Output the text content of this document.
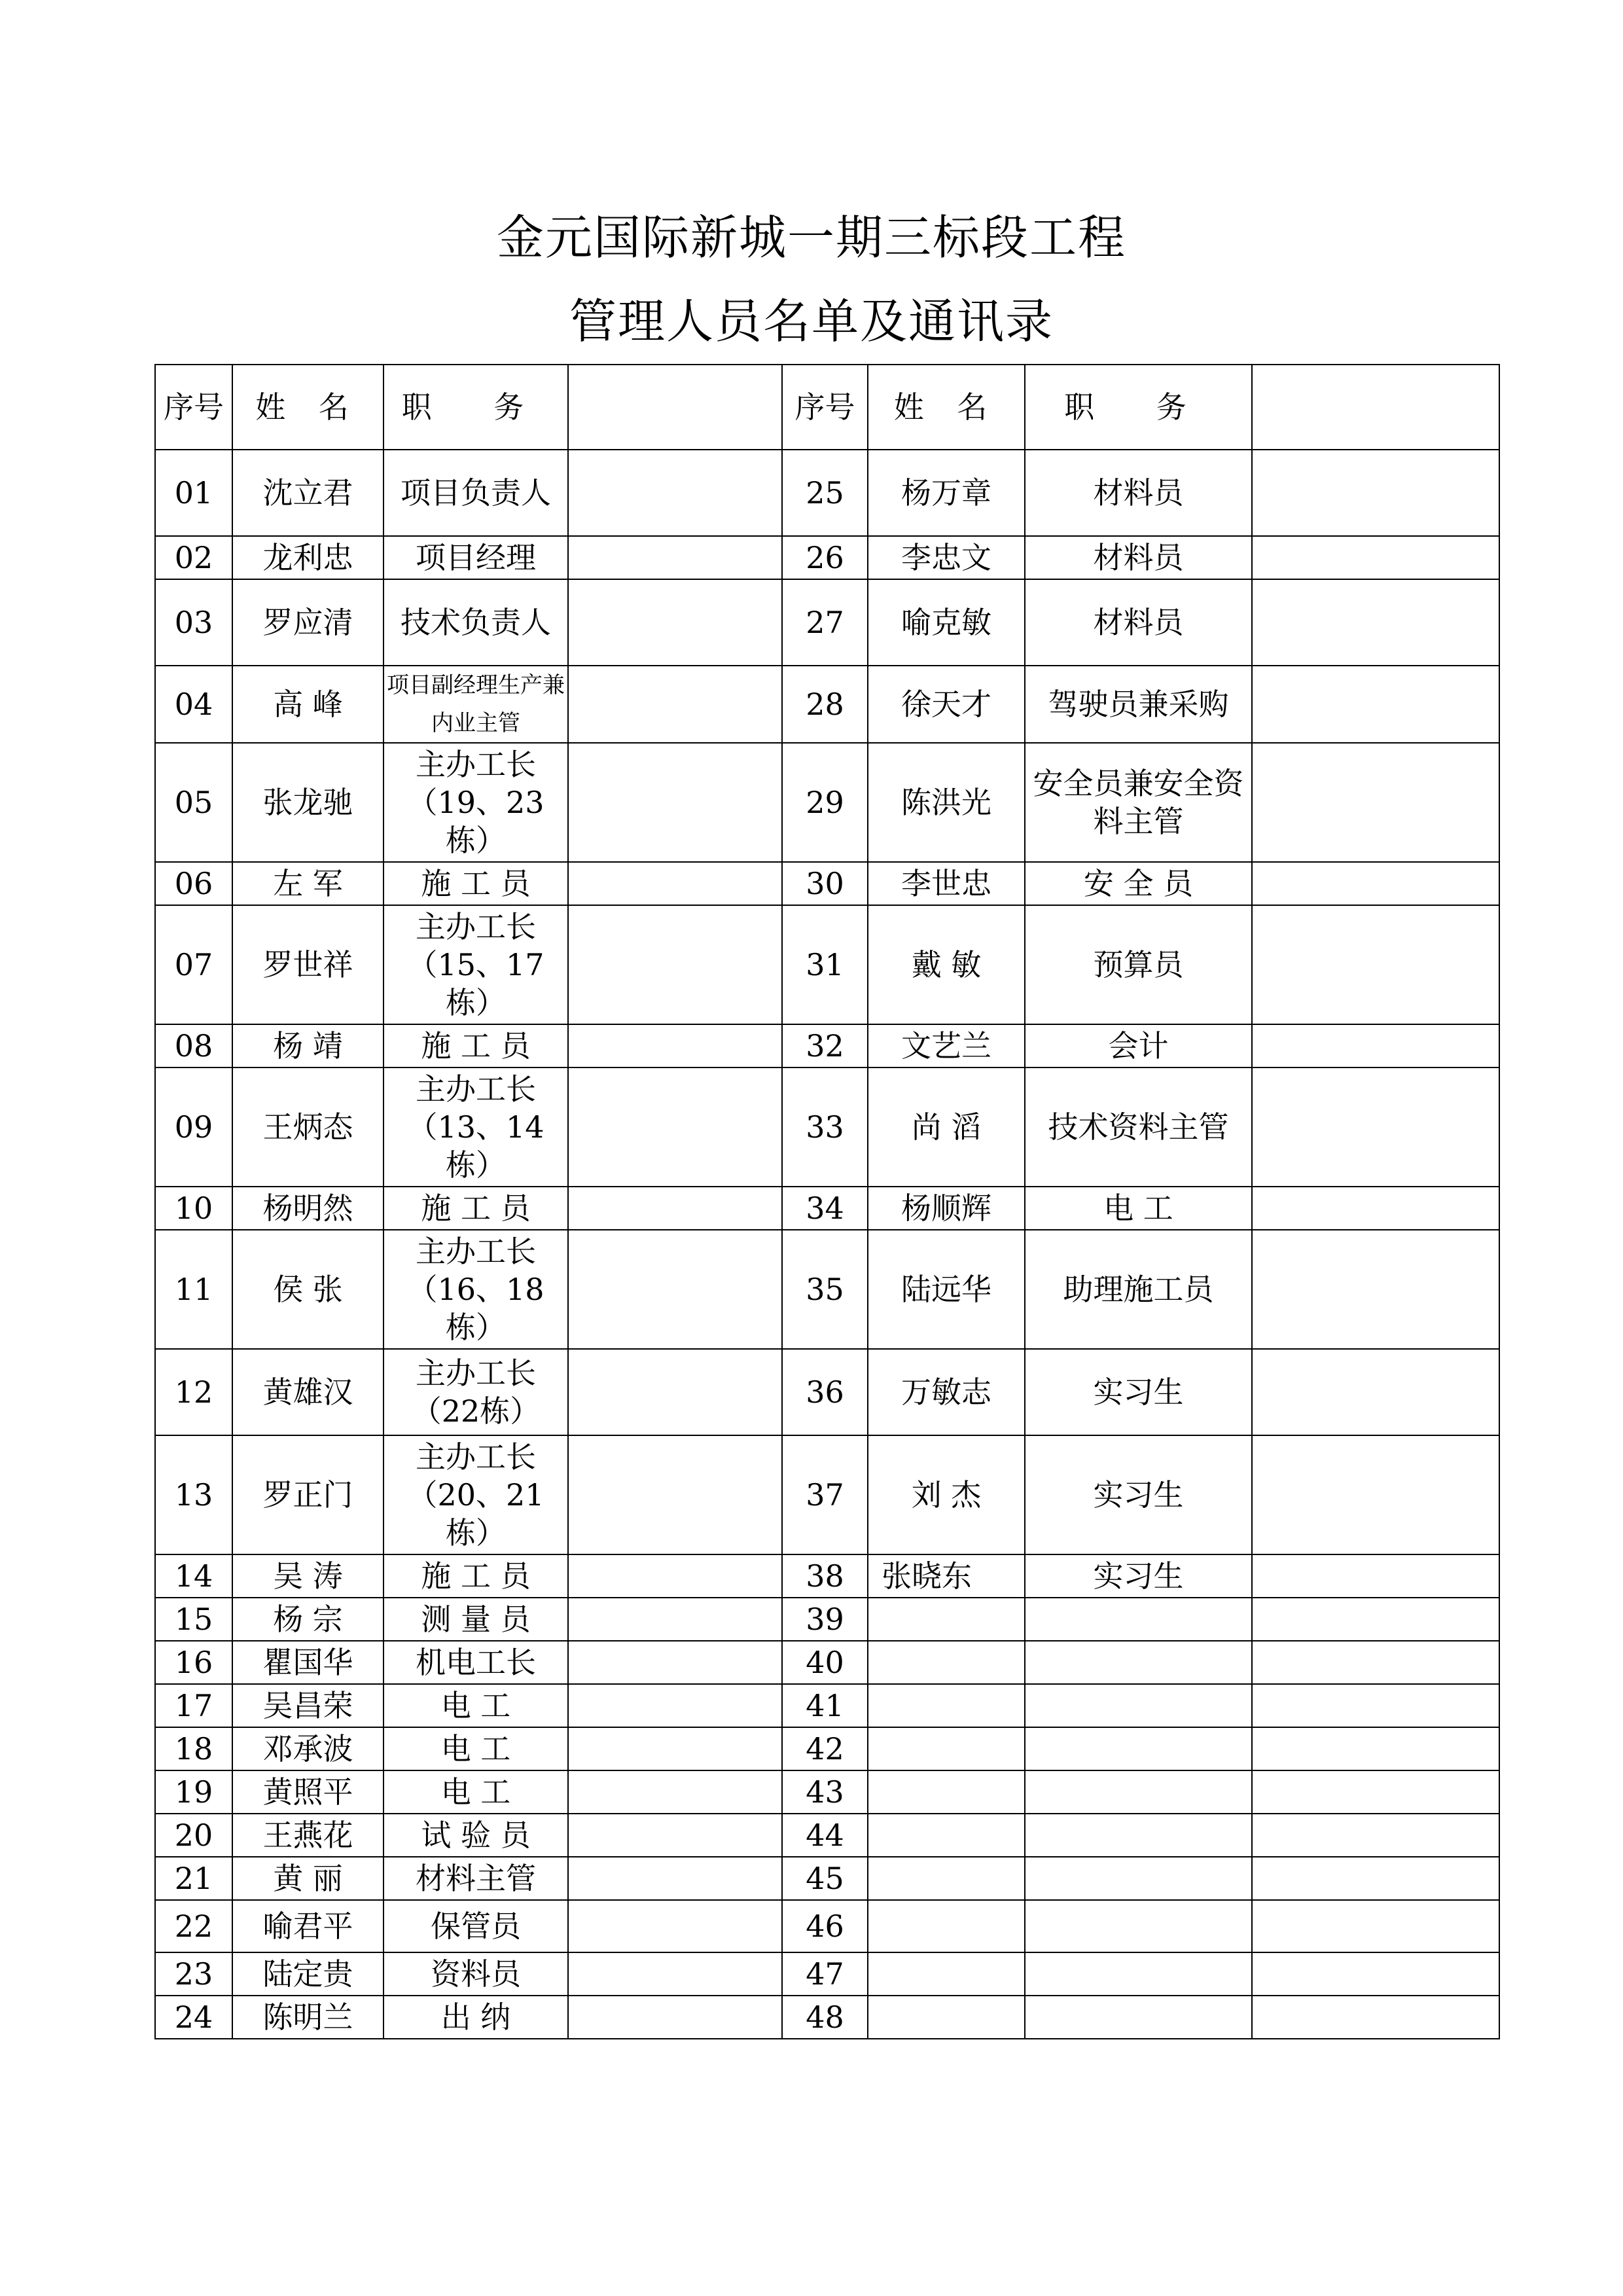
金元国际新城一期三标段工程
管理人员名单及通讯录
序号	姓 名	职 务		序号	姓 名	职 务	
01	沈立君	项目负责人		25	杨万章	材料员	
02	龙利忠	项目经理		26	李忠文	材料员	
03	罗应清	技术负责人		27	喻克敏	材料员	
04	高 峰	项目副经理生产兼内业主管		28	徐天才	驾驶员兼采购	
05	张龙驰	主办工长（19、23栋）		29	陈洪光	安全员兼安全资料主管	
06	左 军	施 工 员		30	李世忠	安 全 员	
07	罗世祥	主办工长（15、17栋）		31	戴 敏	预算员	
08	杨 靖	施 工 员		32	文艺兰	会计	
09	王炳态	主办工长（13、14栋）		33	尚 滔	技术资料主管	
10	杨明然	施 工 员		34	杨顺辉	电 工	
11	侯 张	主办工长（16、18栋）		35	陆远华	助理施工员	
12	黄雄汉	主办工长（22栋）		36	万敏志	实习生	
13	罗正门	主办工长（20、21栋）		37	刘 杰	实习生	
14	吴 涛	施 工 员		38	张晓东	实习生	
15	杨 宗	测 量 员		39			
16	瞿国华	机电工长		40			
17	吴昌荣	电 工		41			
18	邓承波	电 工		42			
19	黄照平	电 工		43			
20	王燕花	试 验 员		44			
21	黄 丽	材料主管		45			
22	喻君平	保管员		46			
23	陆定贵	资料员		47			
24	陈明兰	出 纳		48			
